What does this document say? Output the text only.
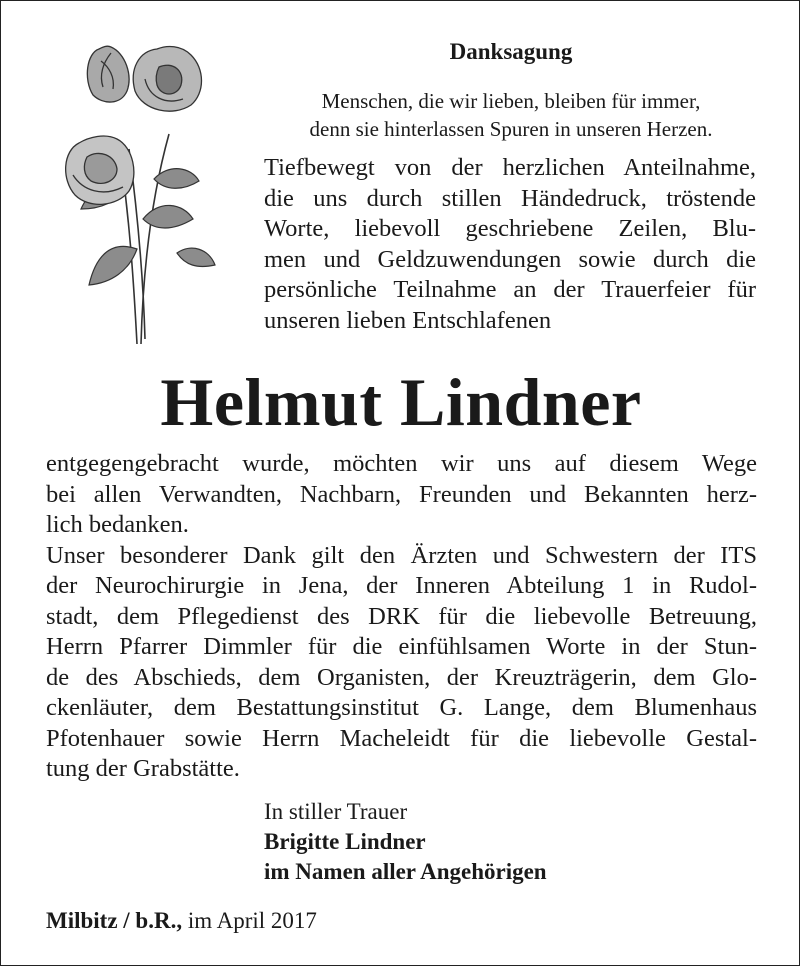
Danksagung
Menschen, die wir lieben, bleiben für immer,
denn sie hinterlassen Spuren in unseren Herzen.
Tiefbewegt von der herzlichen Anteilnahme,
die uns durch stillen Händedruck, tröstende
Worte, liebevoll geschriebene Zeilen, Blu-
men und Geldzuwendungen sowie durch die
persönliche Teilnahme an der Trauerfeier für
unseren lieben Entschlafenen
Helmut Lindner
entgegengebracht wurde, möchten wir uns auf diesem Wege
bei allen Verwandten, Nachbarn, Freunden und Bekannten herz-
lich bedanken.
Unser besonderer Dank gilt den Ärzten und Schwestern der ITS
der Neurochirurgie in Jena, der Inneren Abteilung 1 in Rudol-
stadt, dem Pflegedienst des DRK für die liebevolle Betreuung,
Herrn Pfarrer Dimmler für die einfühlsamen Worte in der Stun-
de des Abschieds, dem Organisten, der Kreuzträgerin, dem Glo-
ckenläuter, dem Bestattungsinstitut G. Lange, dem Blumenhaus
Pfotenhauer sowie Herrn Macheleidt für die liebevolle Gestal-
tung der Grabstätte.
In stiller Trauer
Brigitte Lindner
im Namen aller Angehörigen
Milbitz / b.R., im April 2017
